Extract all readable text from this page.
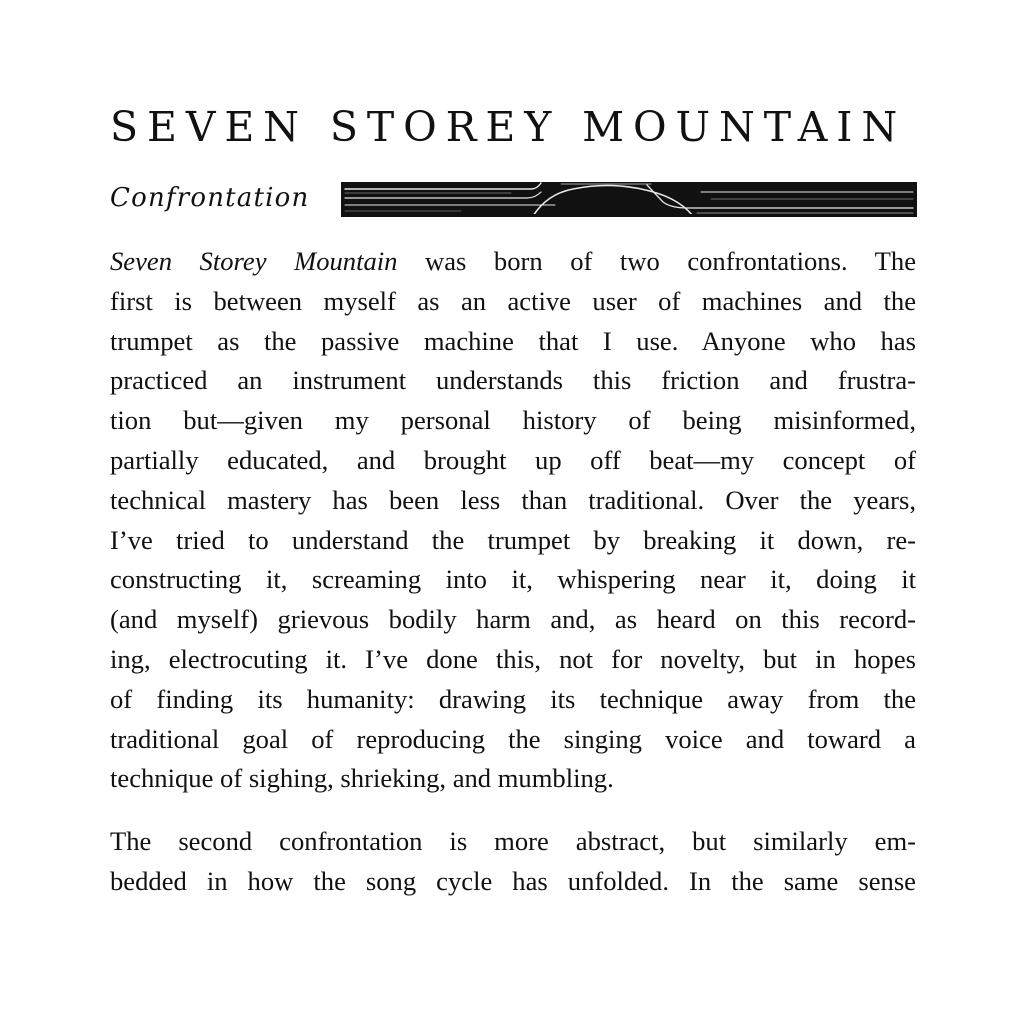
SEVEN STOREY MOUNTAIN
Confrontation

Seven Storey Mountain was born of two confrontations. The
first is between myself as an active user of machines and the
trumpet as the passive machine that I use. Anyone who has
practiced an instrument understands this friction and frustra-
tion but—given my personal history of being misinformed,
partially educated, and brought up off beat—my concept of
technical mastery has been less than traditional. Over the years,
I’ve tried to understand the trumpet by breaking it down, re-
constructing it, screaming into it, whispering near it, doing it
(and myself) grievous bodily harm and, as heard on this record-
ing, electrocuting it. I’ve done this, not for novelty, but in hopes
of finding its humanity: drawing its technique away from the
traditional goal of reproducing the singing voice and toward a
technique of sighing, shrieking, and mumbling.

The second confrontation is more abstract, but similarly em-
bedded in how the song cycle has unfolded. In the same sense
